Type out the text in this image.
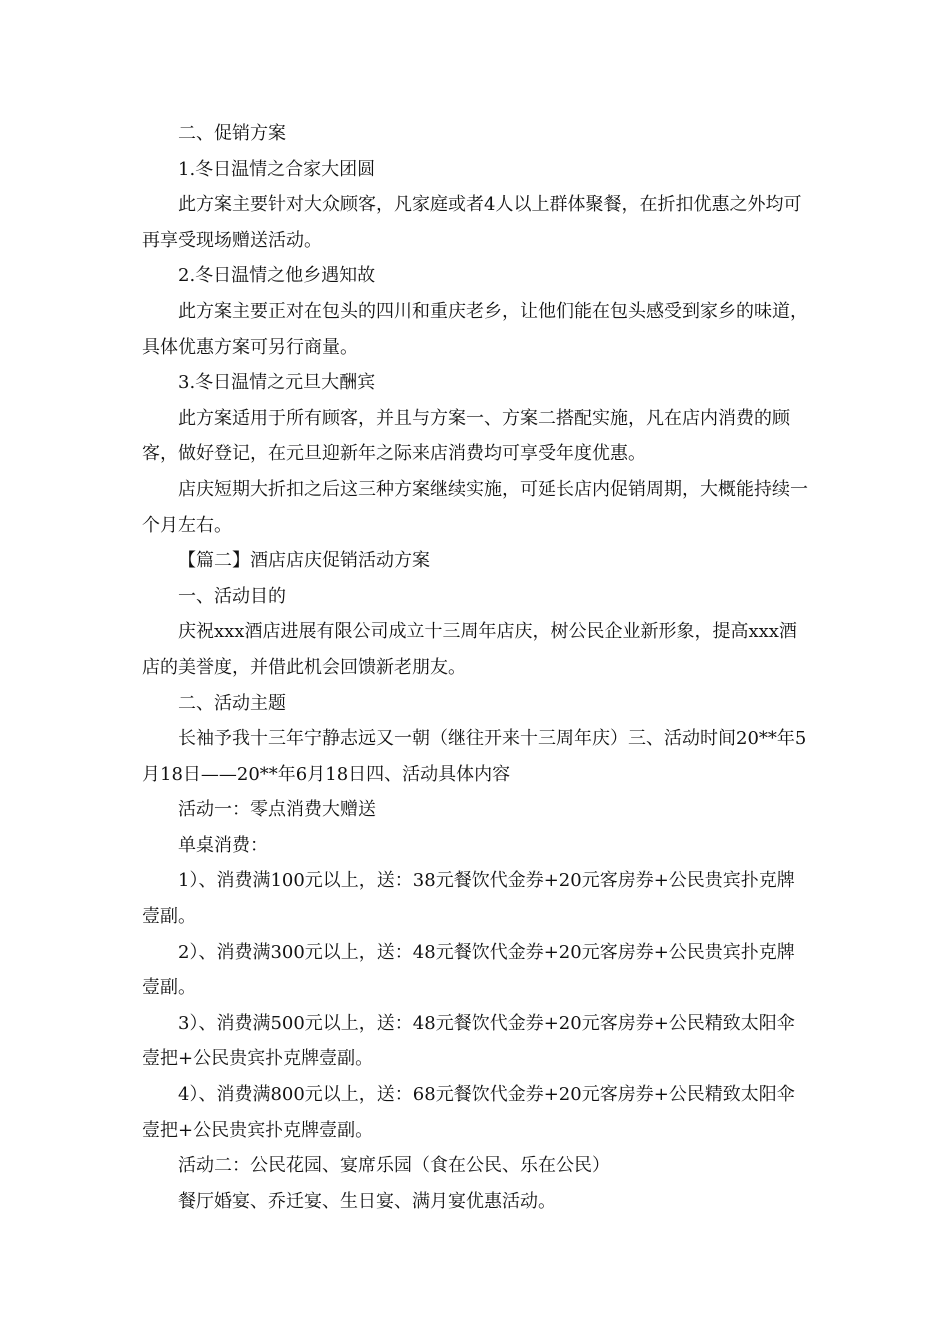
二、促销方案

1.冬日温情之合家大团圆

此方案主要针对大众顾客，凡家庭或者4人以上群体聚餐，在折扣优惠之外均可再享受现场赠送活动。

2.冬日温情之他乡遇知故

此方案主要正对在包头的四川和重庆老乡，让他们能在包头感受到家乡的味道，具体优惠方案可另行商量。

3.冬日温情之元旦大酬宾

此方案适用于所有顾客，并且与方案一、方案二搭配实施，凡在店内消费的顾客，做好登记，在元旦迎新年之际来店消费均可享受年度优惠。

店庆短期大折扣之后这三种方案继续实施，可延长店内促销周期，大概能持续一个月左右。

【篇二】酒店店庆促销活动方案

一、活动目的

庆祝xxx酒店进展有限公司成立十三周年店庆，树公民企业新形象，提高xxx酒店的美誉度，并借此机会回馈新老朋友。

二、活动主题

长袖予我十三年宁静志远又一朝（继往开来十三周年庆）三、活动时间20**年5月18日——20**年6月18日四、活动具体内容

活动一：零点消费大赠送

单桌消费：

1）、消费满100元以上，送：38元餐饮代金券+20元客房券+公民贵宾扑克牌壹副。

2）、消费满300元以上，送：48元餐饮代金券+20元客房券+公民贵宾扑克牌壹副。

3）、消费满500元以上，送：48元餐饮代金券+20元客房券+公民精致太阳伞壹把+公民贵宾扑克牌壹副。

4）、消费满800元以上，送：68元餐饮代金券+20元客房券+公民精致太阳伞壹把+公民贵宾扑克牌壹副。

活动二：公民花园、宴席乐园（食在公民、乐在公民）

餐厅婚宴、乔迁宴、生日宴、满月宴优惠活动。
